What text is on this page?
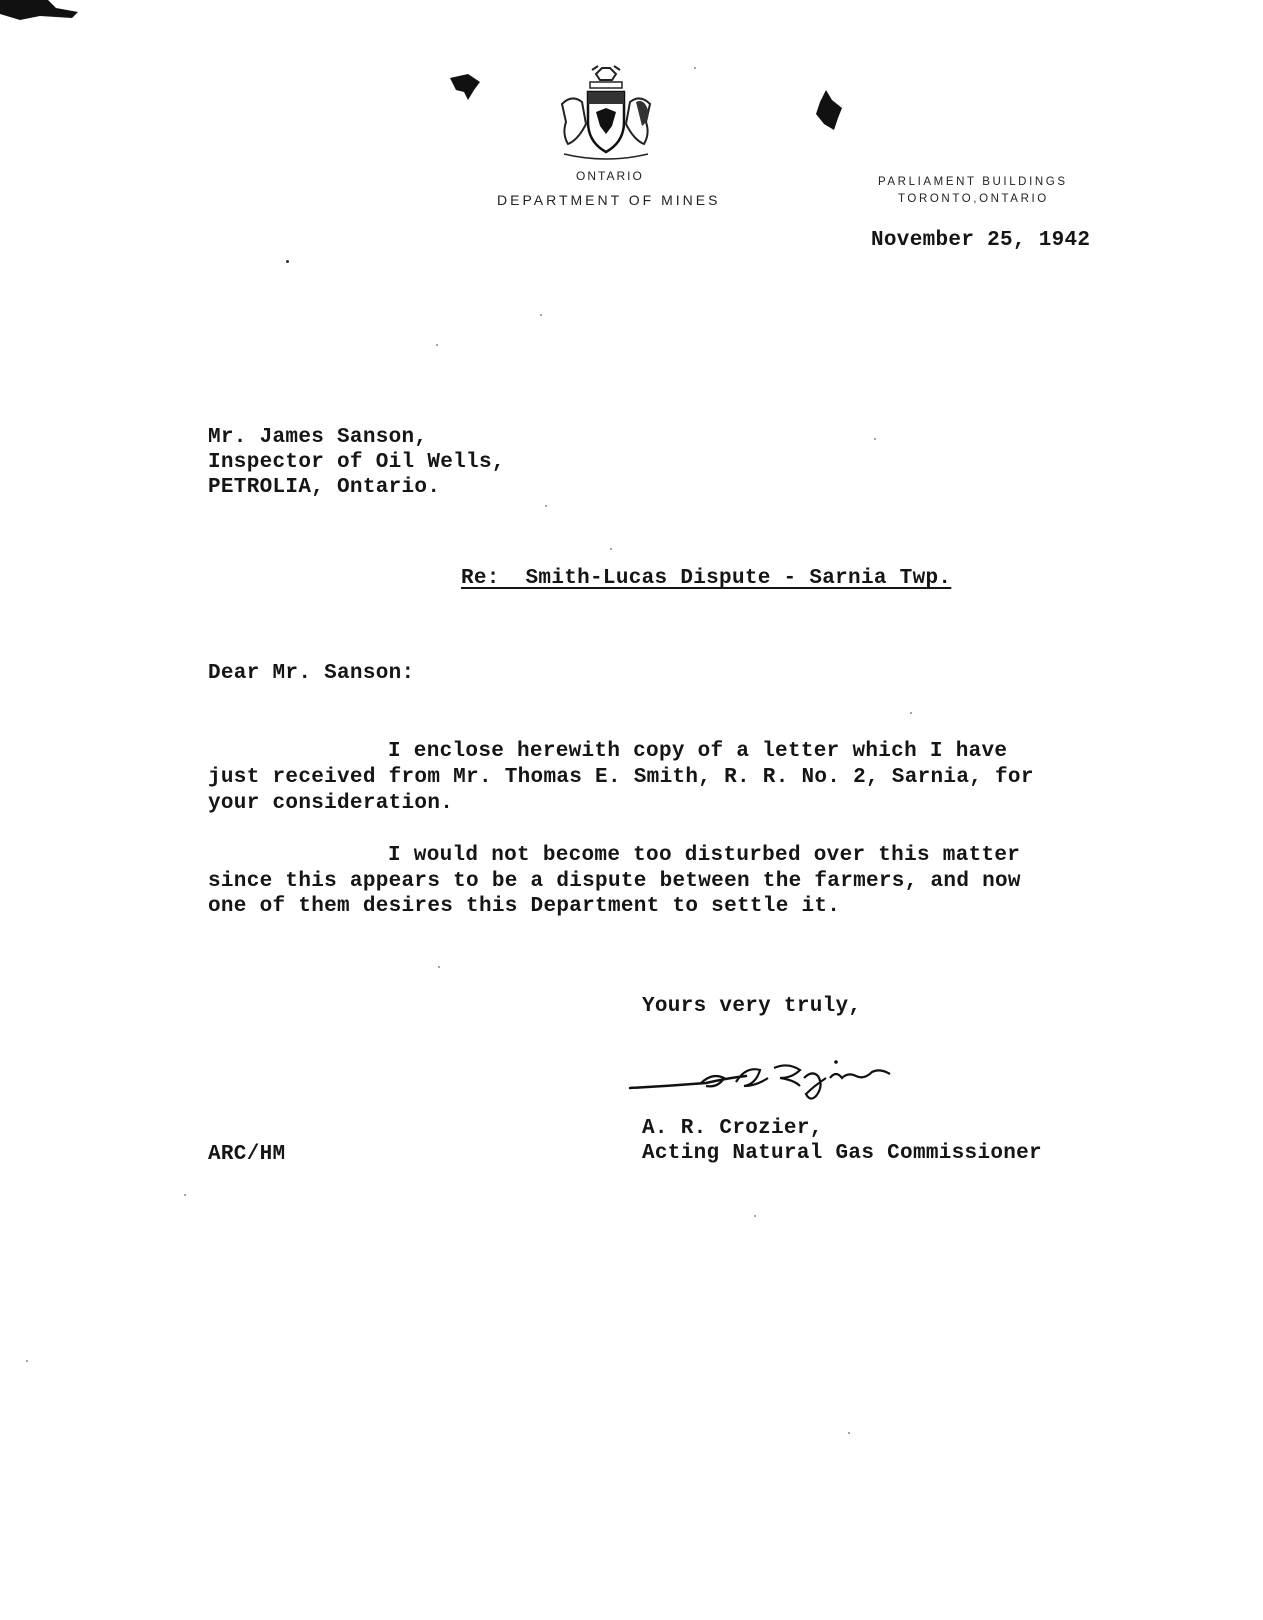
ONTARIO
DEPARTMENT OF MINES
PARLIAMENT BUILDINGS
TORONTO,ONTARIO
November 25, 1942
Mr. James Sanson,
Inspector of Oil Wells,
PETROLIA, Ontario.
Re:  Smith-Lucas Dispute - Sarnia Twp.
Dear Mr. Sanson:
I enclose herewith copy of a letter which I have
just received from Mr. Thomas E. Smith, R. R. No. 2, Sarnia, for
your consideration.
I would not become too disturbed over this matter
since this appears to be a dispute between the farmers, and now
one of them desires this Department to settle it.
Yours very truly,
A. R. Crozier,
Acting Natural Gas Commissioner
ARC/HM
